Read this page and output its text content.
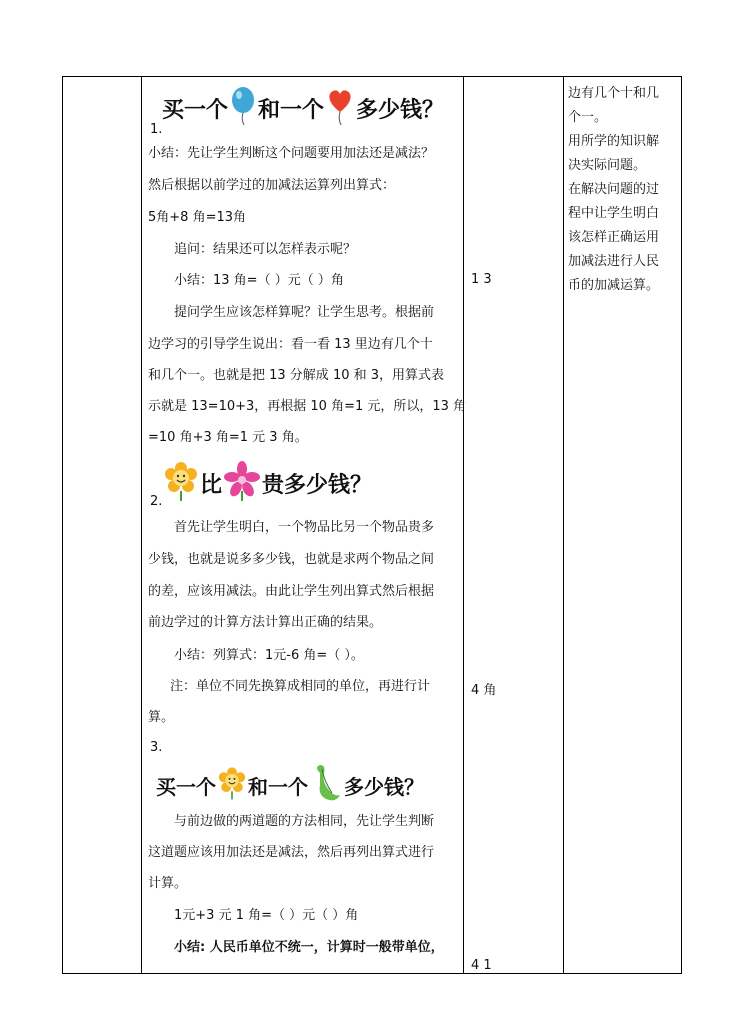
买一个 和一个 多少钱？
1.
小结：先让学生判断这个问题要用加法还是减法？
然后根据以前学过的加减法运算列出算式：
5角+8 角=13角
追问：结果还可以怎样表示呢？
小结：13 角=（ ）元（ ）角
提问学生应该怎样算呢？让学生思考。根据前
边学习的引导学生说出：看一看 13 里边有几个十
和几个一。也就是把 13 分解成 10 和 3，用算式表
示就是 13=10+3，再根据 10 角=1 元，所以，13 角
=10 角+3 角=1 元 3 角。
比 贵多少钱？
2.
首先让学生明白，一个物品比另一个物品贵多
少钱，也就是说多多少钱，也就是求两个物品之间
的差，应该用减法。由此让学生列出算式然后根据
前边学过的计算方法计算出正确的结果。
小结：列算式：1元-6 角=（ ）。
注：单位不同先换算成相同的单位，再进行计
算。
3.
买一个 和一个 多少钱？
与前边做的两道题的方法相同，先让学生判断
这道题应该用加法还是减法，然后再列出算式进行
计算。
1元+3 元 1 角=（ ）元（ ）角
小结: 人民币单位不统一，计算时一般带单位，
1 3
4 角
4 1
边有几个十和几
个一。
用所学的知识解
决实际问题。
在解决问题的过
程中让学生明白
该怎样正确运用
加减法进行人民
币的加减运算。
